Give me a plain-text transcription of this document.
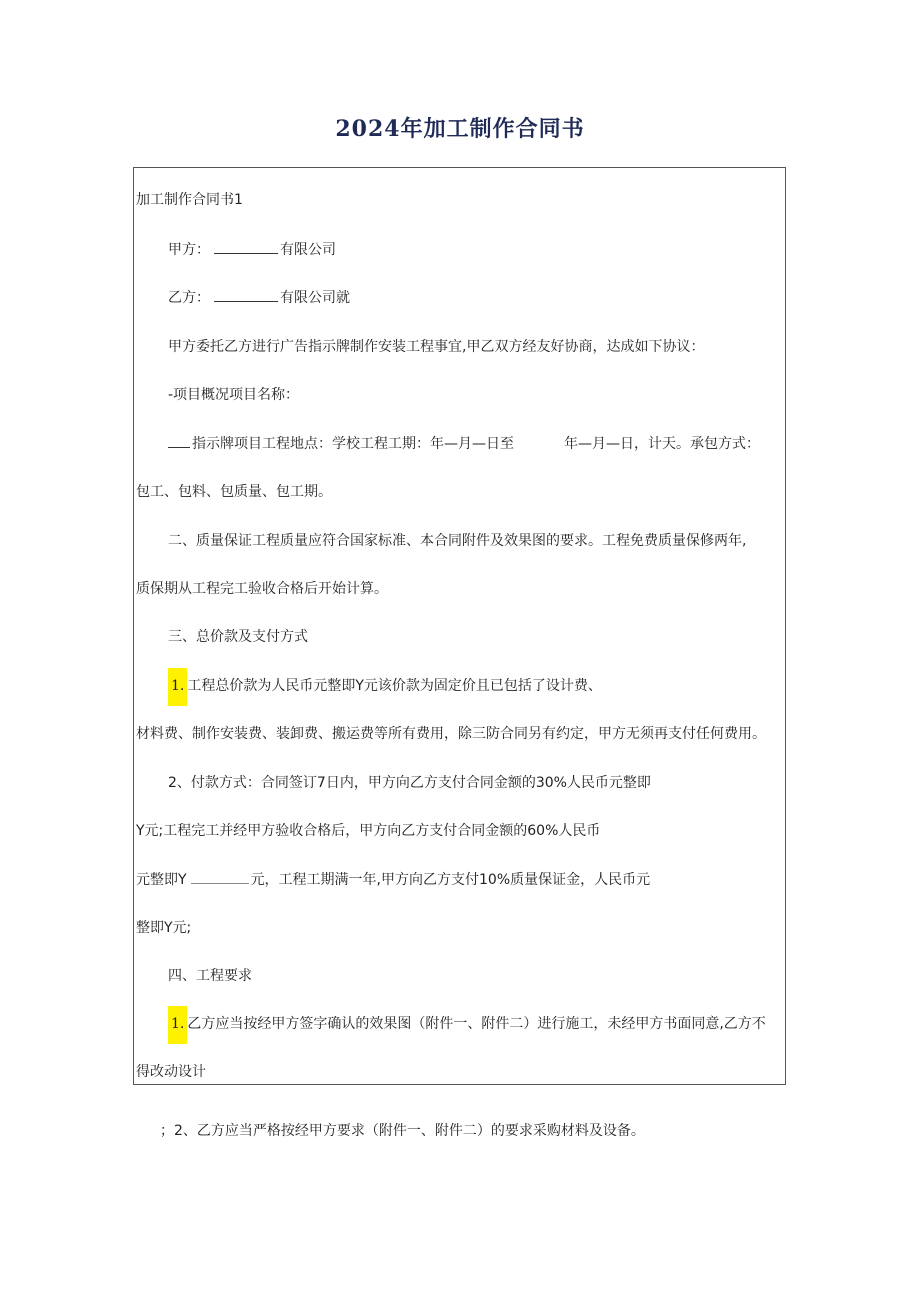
2024年加工制作合同书
加工制作合同书1
甲方：	有限公司
乙方：	有限公司就
甲方委托乙方进行广告指示牌制作安装工程事宜,甲乙双方经友好协商，达成如下协议：
-项目概况项目名称：
指示牌项目工程地点：学校工程工期：年—月—日至	年—月—日，计天。承包方式：
包工、包料、包质量、包工期。
二、质量保证工程质量应符合国家标准、本合同附件及效果图的要求。工程免费质量保修两年,
质保期从工程完工验收合格后开始计算。
三、总价款及支付方式
1. 工程总价款为人民币元整即Y元该价款为固定价且已包括了设计费、
材料费、制作安装费、装卸费、搬运费等所有费用，除三防合同另有约定，甲方无须再支付任何费用。
2、付款方式：合同签订7日内，甲方向乙方支付合同金额的30%人民币元整即
Y元;工程完工并经甲方验收合格后，甲方向乙方支付合同金额的60%人民币
元整即Y	元，工程工期满一年,甲方向乙方支付10%质量保证金，人民币元
整即Y元;
四、工程要求
1. 乙方应当按经甲方签字确认的效果图（附件一、附件二）进行施工，未经甲方书面同意,乙方不
得改动设计
；2、乙方应当严格按经甲方要求（附件一、附件二）的要求采购材料及设备。
